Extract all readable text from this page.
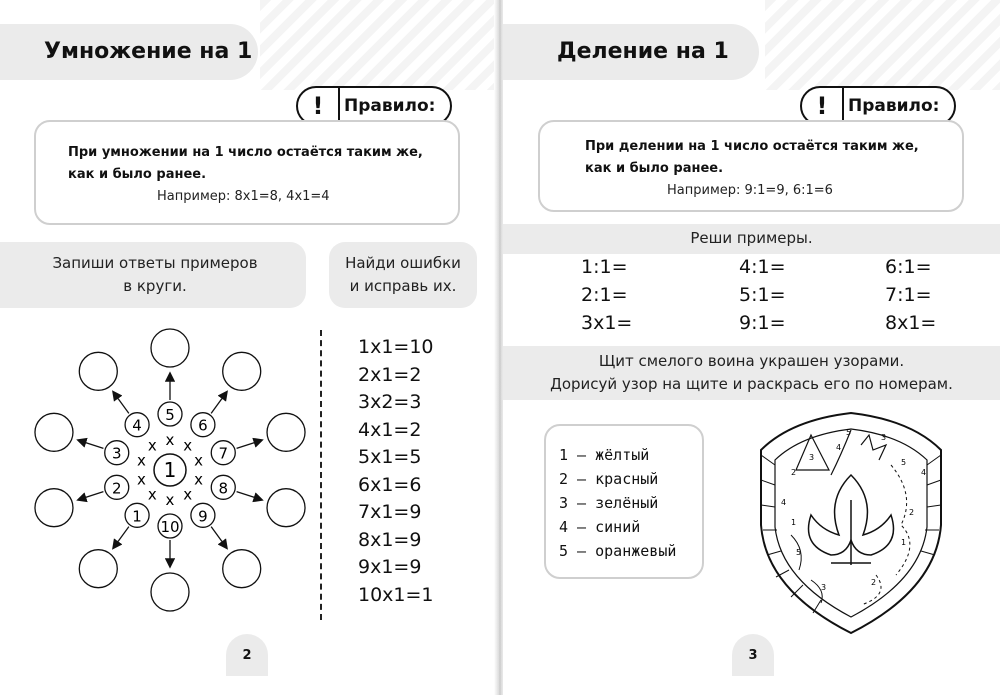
Умножение на 1
!	Правило:
При умножении на 1 число остаётся таким же, как и было ранее.
Например: 8x1=8, 4x1=4
Запиши ответы примеров
в круги.
Найди ошибки
и исправь их.
1
x
5
x
6
x 7
x
8
x
9
x
10
x
1
x
2
x
3 x
4
1x1=10
2x1=2
3x2=3
4x1=2
5x1=5
6x1=6
7x1=9
8x1=9
9x1=9
10x1=1
2
Деление на 1
!	Правило:
При делении на 1 число остаётся таким же, как и было ранее.
Например: 9:1=9, 6:1=6
Реши примеры.
1:1=	4:1=	6:1=
2:1=	5:1=	7:1=
3x1=	9:1=	8x1=
Щит смелого воина украшен узорами.
Дорисуй узор на щите и раскрась его по номерам.
1 – жёлтый
2 – красный
3 – зелёный
4 – синий
5 – оранжевый
2
3
4
5
1
2
3
4
5
1
2
3
5
4
3
